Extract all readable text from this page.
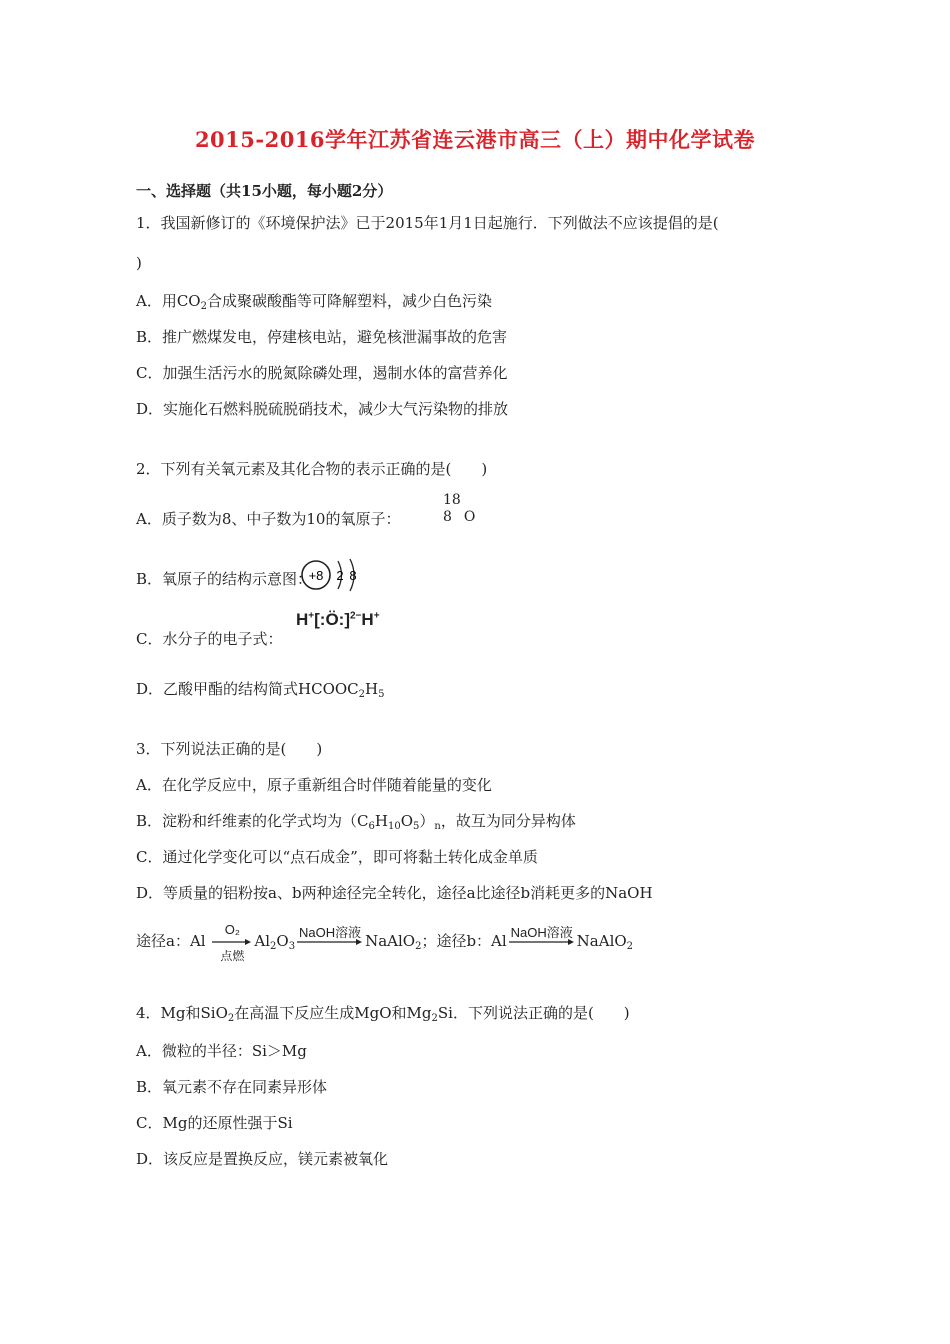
2015-2016学年江苏省连云港市高三（上）期中化学试卷
一、选择题（共15小题，每小题2分）
1．我国新修订的《环境保护法》已于2015年1月1日起施行．下列做法不应该提倡的是(
)
A．用$CO_2$合成聚碳酸酯等可降解塑料，减少白色污染
B．推广燃煤发电，停建核电站，避免核泄漏事故的危害
C．加强生活污水的脱氮除磷处理，遏制水体的富营养化
D．实施化石燃料脱硫脱硝技术，减少大气污染物的排放
2．下列有关氧元素及其化合物的表示正确的是(　　)
A．质子数为8、中子数为10的氧原子：
18
8 O
B．氧原子的结构示意图：
+8 2 8
C．水分子的电子式：
H+[:Ö:]$^{2-}$H+
D．乙酸甲酯的结构简式$HCOOC_2H_5$
3．下列说法正确的是(　　)
A．在化学反应中，原子重新组合时伴随着能量的变化
B．淀粉和纤维素的化学式均为$(C_6H_{10}O_5)_n$，故互为同分异构体
C．通过化学变化可以“点石成金”，即可将黏土转化成金单质
D．等质量的铝粉按a、b两种途径完全转化，途径a比途径b消耗更多的NaOH
途径a：Al
O₂
点燃
$Al_2O_3$
NaOH溶液 NaAlO$_2$；途径b：Al NaOH溶液 NaAlO$_2$
4．Mg和SiO$_2$在高温下反应生成MgO和$Mg_2Si$．下列说法正确的是(　　)
A．微粒的半径：Si＞Mg
B．氧元素不存在同素异形体
C．Mg的还原性强于Si
D．该反应是置换反应，镁元素被氧化
